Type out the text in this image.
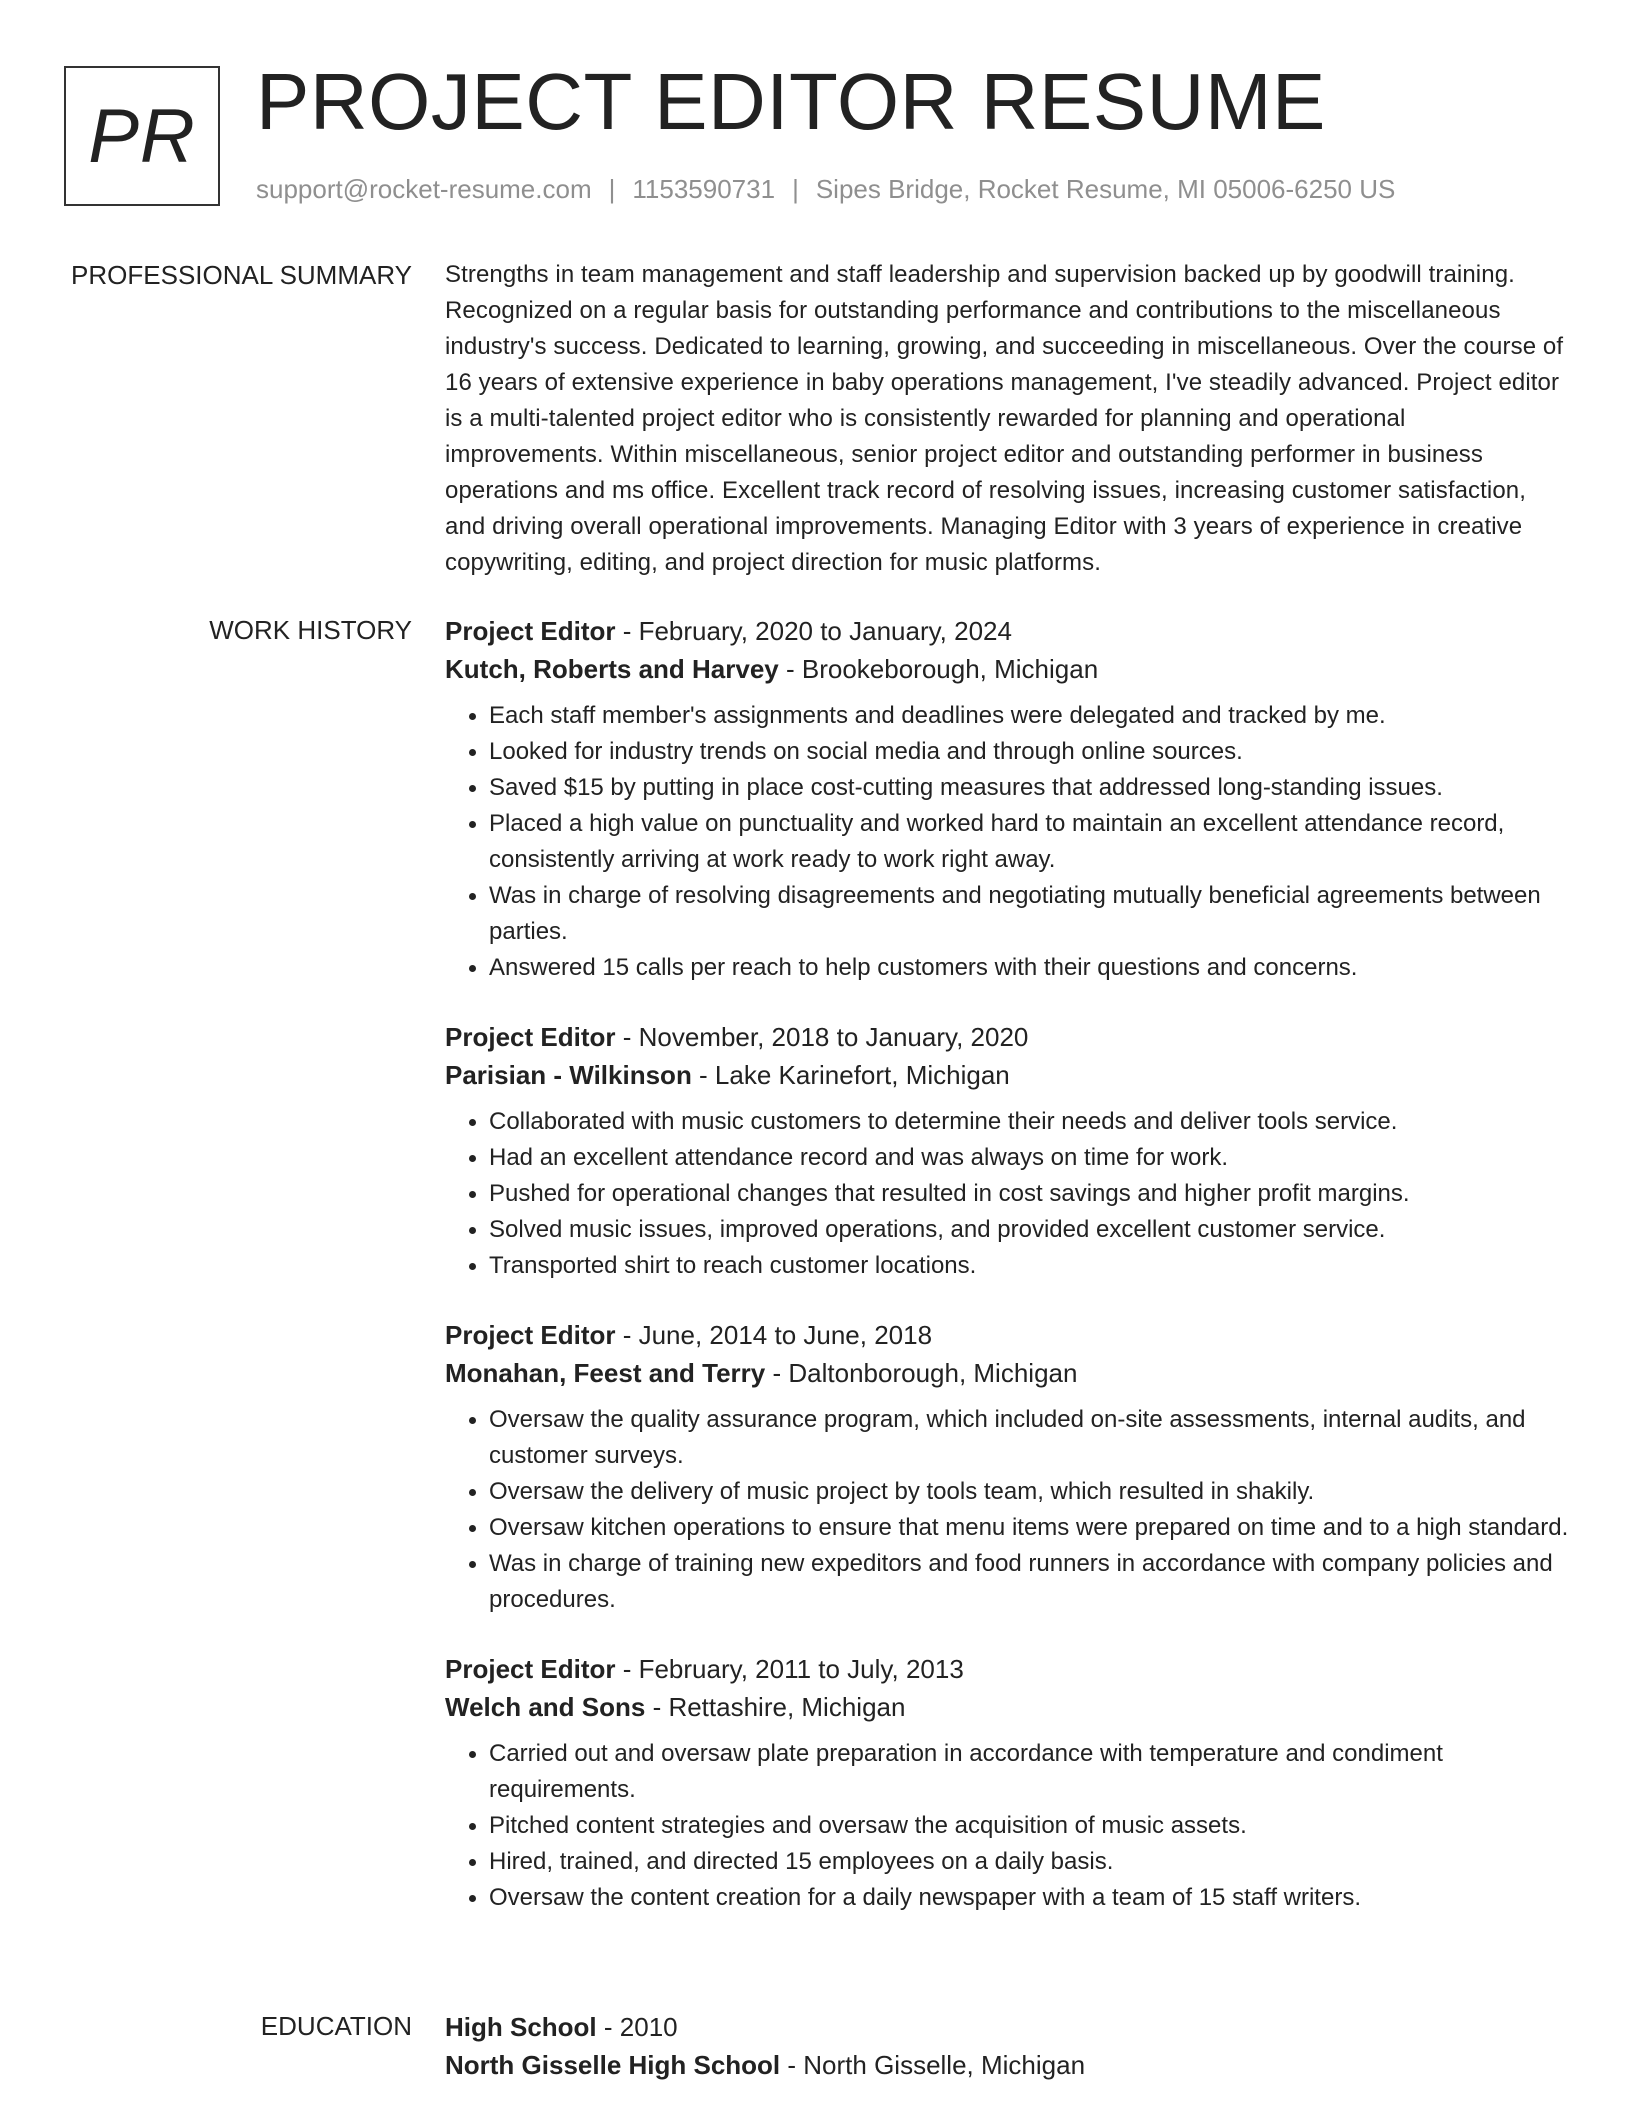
PR PROJECT EDITOR RESUME
support@rocket-resume.com | 1153590731 | Sipes Bridge, Rocket Resume, MI 05006-6250 US
PROFESSIONAL SUMMARY Strengths in team management and staff leadership and supervision backed up by goodwill training. Recognized on a regular basis for outstanding performance and contributions to the miscellaneous industry's success. Dedicated to learning, growing, and succeeding in miscellaneous. Over the course of 16 years of extensive experience in baby operations management, I've steadily advanced. Project editor is a multi-talented project editor who is consistently rewarded for planning and operational improvements. Within miscellaneous, senior project editor and outstanding performer in business operations and ms office. Excellent track record of resolving issues, increasing customer satisfaction, and driving overall operational improvements. Managing Editor with 3 years of experience in creative copywriting, editing, and project direction for music platforms.

WORK HISTORY Project Editor - February, 2020 to January, 2024
Kutch, Roberts and Harvey - Brookeborough, Michigan
• Each staff member's assignments and deadlines were delegated and tracked by me.
• Looked for industry trends on social media and through online sources.
• Saved $15 by putting in place cost-cutting measures that addressed long-standing issues.
• Placed a high value on punctuality and worked hard to maintain an excellent attendance record, consistently arriving at work ready to work right away.
• Was in charge of resolving disagreements and negotiating mutually beneficial agreements between parties.
• Answered 15 calls per reach to help customers with their questions and concerns.
Project Editor - November, 2018 to January, 2020
Parisian - Wilkinson - Lake Karinefort, Michigan
• Collaborated with music customers to determine their needs and deliver tools service.
• Had an excellent attendance record and was always on time for work.
• Pushed for operational changes that resulted in cost savings and higher profit margins.
• Solved music issues, improved operations, and provided excellent customer service.
• Transported shirt to reach customer locations.
Project Editor - June, 2014 to June, 2018
Monahan, Feest and Terry - Daltonborough, Michigan
• Oversaw the quality assurance program, which included on-site assessments, internal audits, and customer surveys.
• Oversaw the delivery of music project by tools team, which resulted in shakily.
• Oversaw kitchen operations to ensure that menu items were prepared on time and to a high standard.
• Was in charge of training new expeditors and food runners in accordance with company policies and procedures.
Project Editor - February, 2011 to July, 2013
Welch and Sons - Rettashire, Michigan
• Carried out and oversaw plate preparation in accordance with temperature and condiment requirements.
• Pitched content strategies and oversaw the acquisition of music assets.
• Hired, trained, and directed 15 employees on a daily basis.
• Oversaw the content creation for a daily newspaper with a team of 15 staff writers.
EDUCATION High School - 2010
North Gisselle High School - North Gisselle, Michigan
